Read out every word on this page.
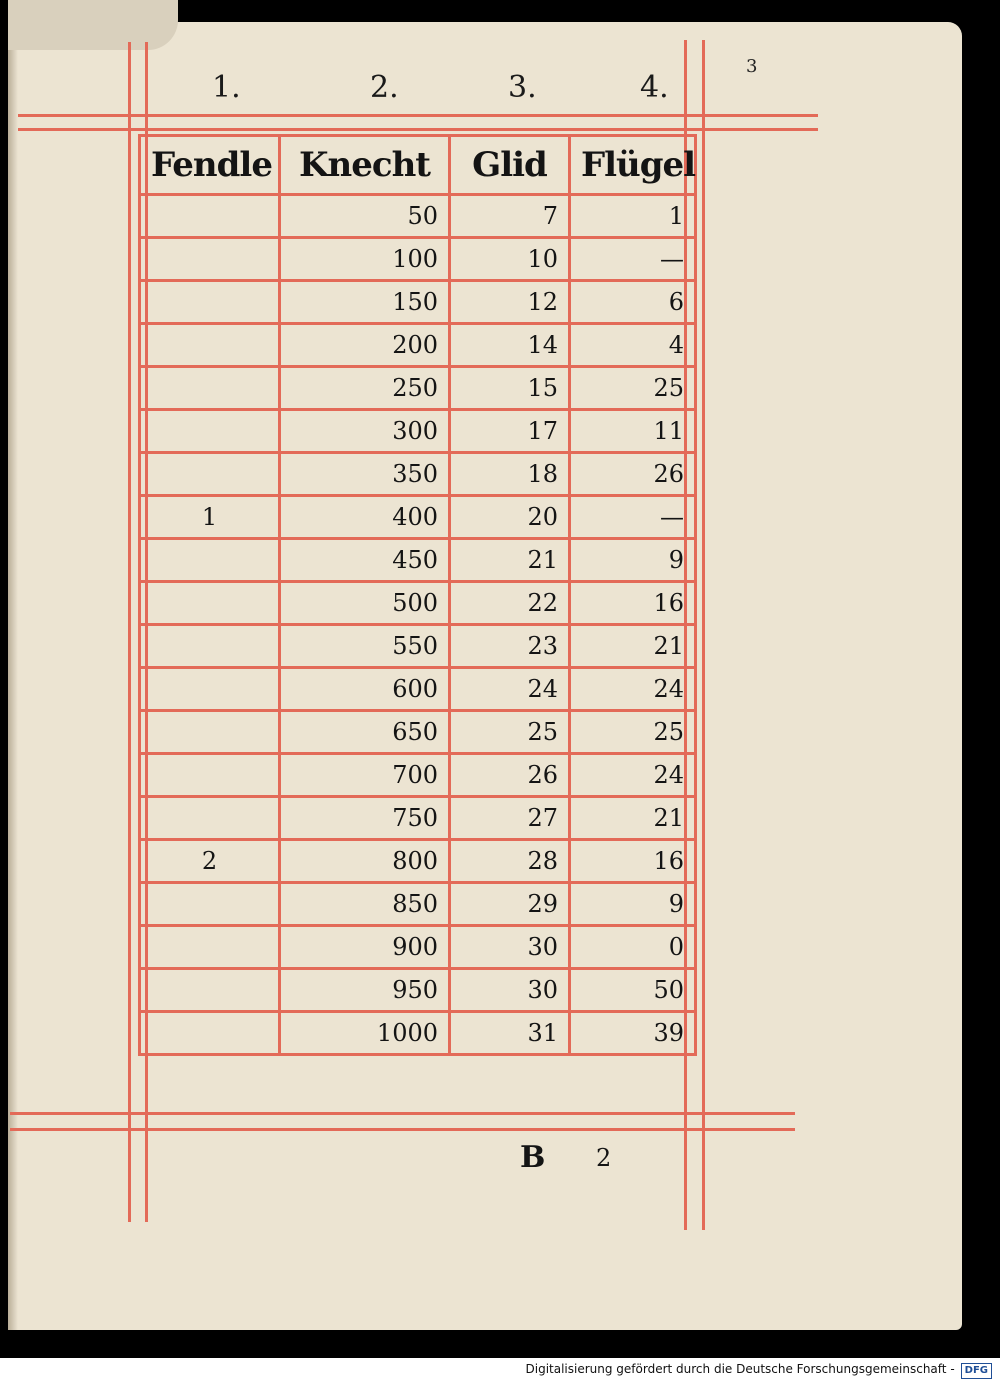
3
1.	2.	3.	4.
Fendle	Knecht	Glid	Flügel
	50	7	1
	100	10	—
	150	12	6
	200	14	4
	250	15	25
	300	17	11
	350	18	26
1	400	20	—
	450	21	9
	500	22	16
	550	23	21
	600	24	24
	650	25	25
	700	26	24
	750	27	21
2	800	28	16
	850	29	9
	900	30	0
	950	30	50
	1000	31	39
B 2
Digitalisierung gefördert durch die Deutsche Forschungsgemeinschaft - DFG
